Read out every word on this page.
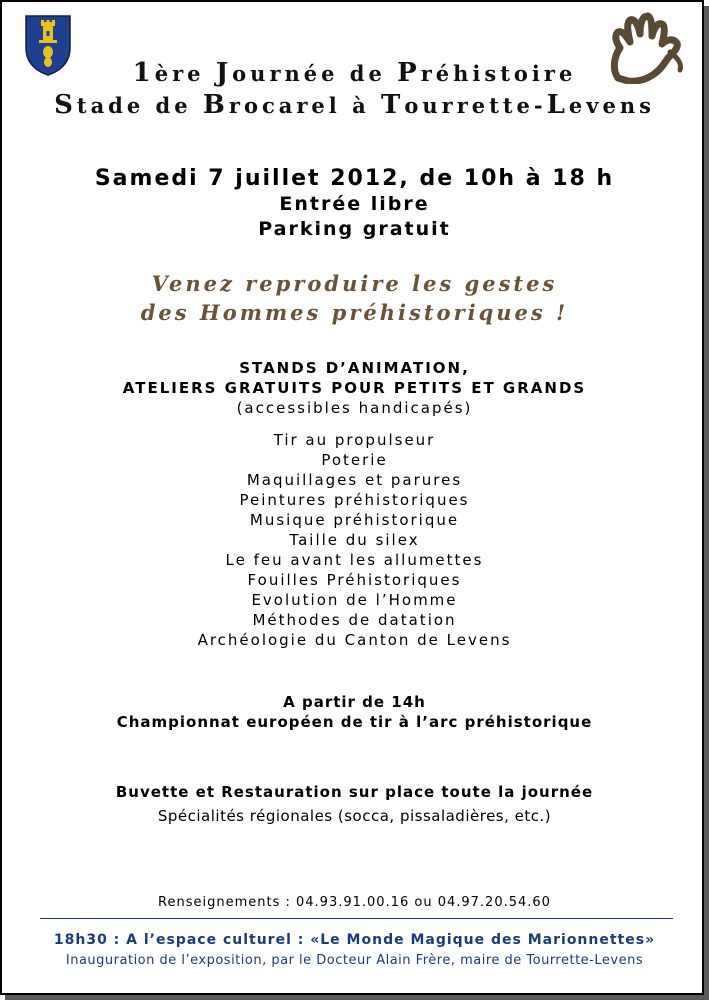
1ère Journée de Préhistoire
Stade de Brocarel à Tourrette-Levens
Samedi 7 juillet 2012, de 10h à 18 h
Entrée libre
Parking gratuit
Venez reproduire les gestes
des Hommes préhistoriques !
STANDS D’ANIMATION,
ATELIERS GRATUITS POUR PETITS ET GRANDS
(accessibles handicapés)
Tir au propulseur
Poterie
Maquillages et parures
Peintures préhistoriques
Musique préhistorique
Taille du silex
Le feu avant les allumettes
Fouilles Préhistoriques
Evolution de l’Homme
Méthodes de datation
Archéologie du Canton de Levens
A partir de 14h
Championnat européen de tir à l’arc préhistorique
Buvette et Restauration sur place toute la journée
Spécialités régionales (socca, pissaladières, etc.)
Renseignements : 04.93.91.00.16 ou 04.97.20.54.60
18h30 : A l’espace culturel : «Le Monde Magique des Marionnettes»
Inauguration de l’exposition, par le Docteur Alain Frère, maire de Tourrette-Levens
